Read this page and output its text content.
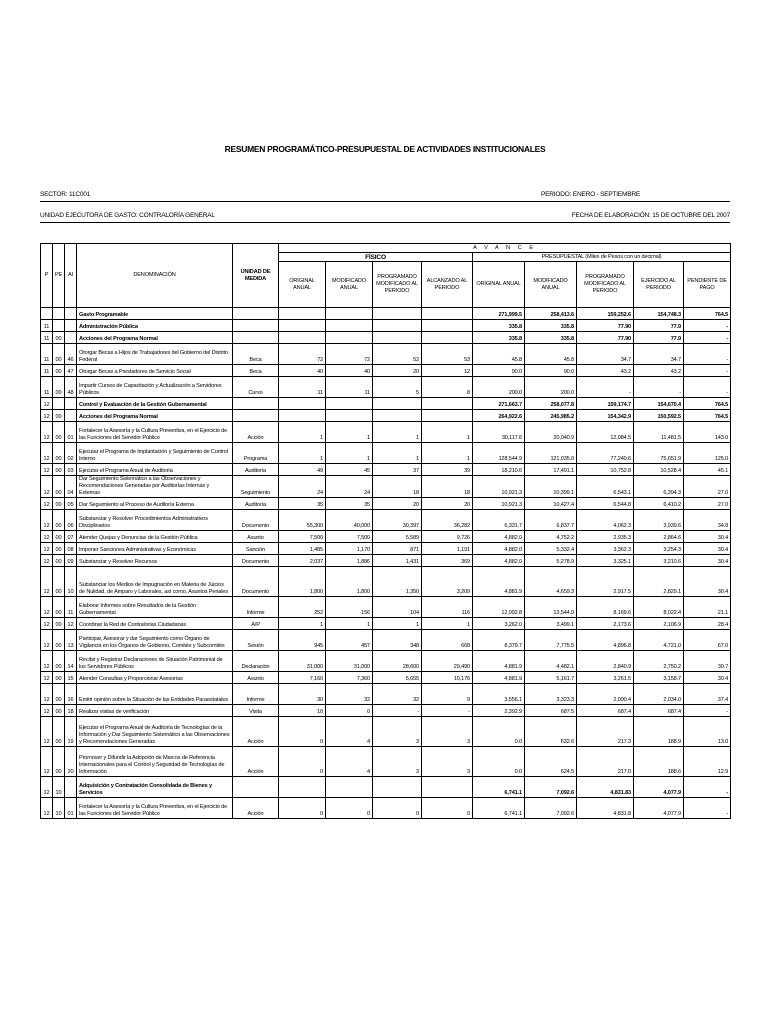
RESUMEN PROGRAMÁTICO-PRESUPUESTAL DE ACTIVIDADES INSTITUCIONALES
SECTOR: 11C001	PERIODO: ENERO - SEPTIEMBRE
UNIDAD EJECUTORA DE GASTO: CONTRALORÍA GENERAL	FECHA DE ELABORACIÓN: 15 DE OCTUBRE DEL 2007
P	PE	AI	DENOMINACIÓN	UNIDAD DE MEDIDA	A V A N C E								
					FÍSICO				PRESUPUESTAL (Miles de Pesos con un decimal)				
					ORIGINAL ANUAL	MODIFICADO ANUAL	PROGRAMADO MODIFICADO AL PERIODO	ALCANZADO AL PERIODO	ORIGINAL ANUAL	MODIFICADO ANUAL	PROGRAMADO MODIFICADO AL PERIODO	EJERCIDO AL PERIODO	PENDIENTE DE PAGO
			Gasto Programable						271,999.5	258,413.6	159,252.6	154,748.3	764.5
11			Administración Pública						335.8	335.8	77.90	77.9	-
11	00		Acciones del Programa Normal						335.8	335.8	77.90	77.9	-
11	00	46	Otorgar Becas a Hijos de Trabajadores del Gobierno del Distrito Federal	Beca	72	72	52	53	45.8	45.8	34.7	34.7	-
11	00	47	Otorgar Becas a Prestadores de Servicio Social	Beca	40	40	20	12	90.0	90.0	43.2	43.2	-
11	00	48	Impartir Cursos de Capacitación y Actualización a Servidores Públicos	Curso	11	11	5	8	200.0	200.0	-	-	-
12			Control y Evaluación de la Gestión Gubernamental						271,663.7	258,077.8	159,174.7	154,670.4	764.5
12	00		Acciones del Programa Normal						264,922.6	245,985.2	154,342.9	150,592.5	764.5
12	00	01	Fortalecer la Asesoría y la Cultura Preventiva, en el Ejercicio de las Funciones del Servidor Público	Acción	1	1	1	1	30,117.6	20,040.9	12,084.5	11,481.5	143.0
12	00	02	Ejecutar el Programa de Implantación y Seguimiento de Control Interno	Programa	1	1	1	1	128,544.9	121,035.0	77,240.6	75,651.9	125.0
12	00	03	Ejecutar el Programa Anual de Auditoría	Auditoría	49	45	37	39	18,210.6	17,491.1	10,752.8	10,528.4	45.1
12	00	04	Dar Seguimiento Sistemático a las Observaciones y Recomendaciones Generadas por Auditorías Internas y Externas	Seguimiento	24	24	18	18	10,921.3	10,399.1	6,543.1	6,394.3	27.0
12	00	05	Dar Seguimiento al Proceso de Auditoría Externa	Auditoría	35	35	20	20	10,921.3	10,427.4	6,544.8	6,410.2	27.0
12	00	06	Substanciar y Resolver Procedimientos Administrativos Disciplinarios	Documento	55,300	40,000	30,397	36,282	6,331.7	6,837.7	4,062.3	3,939.6	34.8
12	00	07	Atender Quejas y Denuncias de la Gestión Pública	Asunto	7,500	7,500	5,589	9,726	4,882.0	4,752.2	2,935.3	2,864.6	30.4
12	00	08	Imponer Sanciones Administrativas y Económicas	Sanción	1,485	1,170	871	1,191	4,882.0	5,332.4	3,362.3	3,254.3	30.4
12	00	09	Substanciar y Resolver Recursos	Documento	2,037	1,886	1,431	369	4,882.0	5,278.9	3,325.1	3,210.6	30.4
12	00	10	Substanciar los Medios de Impugnación en Materia de Juicios de Nulidad, de Amparo y Laborales, así como, Asuntos Penales	Documento	1,800	1,800	1,350	3,209	4,881.9	4,659.3	2,917.5	2,829.1	30.4
12	00	11	Elaborar Informes sobre Resultados de la Gestión Gubernamental	Informe	252	156	104	116	12,992.8	13,544.9	8,169.6	8,022.4	21.1
12	00	12	Coordinar la Red de Contralorías Ciudadanas	A/P	1	1	1	1	3,262.0	3,499.1	2,173.6	2,106.9	28.4
12	00	13	Participar, Asesorar y dar Seguimiento como Órgano de Vigilancia en los Órganos de Gobierno, Comités y Subcomités	Sesión	945	457	348	668	8,379.7	7,775.5	4,896.8	4,721.0	67.0
12	00	14	Recibir y Registrar Declaraciones de Situación Patrimonial de los Servidores Públicos	Declaración	31,000	31,000	28,600	29,490	4,881.9	4,482.1	2,840.9	2,750.2	30.7
12	00	15	Atender Consultas y Proporcionar Asesorías	Asunto	7,160	7,360	5,655	10,176	4,881.9	5,161.7	3,261.5	3,158.7	30.4
12	00	16	Emitir opinión sobre la Situación de las Entidades Paraestatales	Informe	30	32	32	9	3,556.1	3,323.3	2,090.4	2,034.0	37.4
12	00	18	Realizar visitas de verificación	Visita	10	0	-	-	2,392.9	687.5	687.4	687.4	-
12	00	19	Ejecutar el Programa Anual de Auditoría de Tecnologías de la Información y Dar Seguimiento Sistemático a las Observaciones y Recomendaciones Generadas	Acción	0	4	3	3	0.0	632.6	217.3	188.9	13.0
12	00	20	Promover y Difundir la Adopción de Marcos de Referencia Internacionales para el Control y Seguridad de Tecnologías de Información	Acción	0	4	3	3	0.0	624.5	217.0	188.6	12.9
12	10		Adquisición y Contratación Consolidada de Bienes y Servicios						6,741.1	7,092.6	4,831.83	4,077.9	-
12	10	01	Fortalecer la Asesoría y la Cultura Preventiva, en el Ejercicio de las Funciones del Servidor Público	Acción	0	0	0	0	6,741.1	7,092.6	4,831.8	4,077.9	-
